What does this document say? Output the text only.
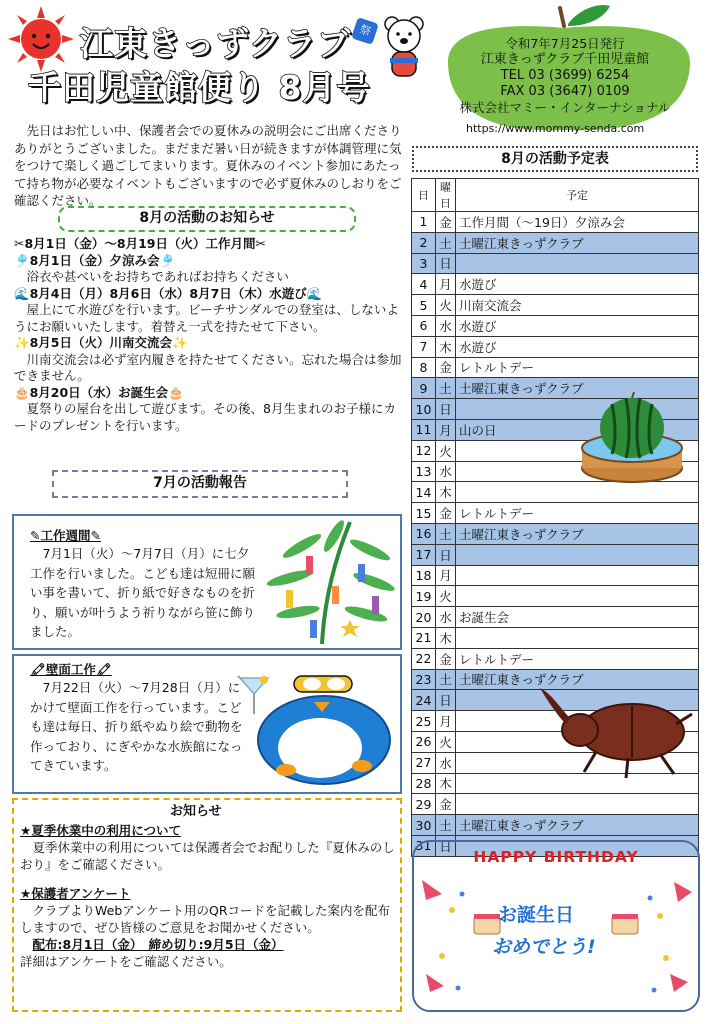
江東きっずクラブ
千田児童館便り 8月号
祭
令和7年7月25日発行
江東きっずクラブ千田児童館
TEL 03 (3699) 6254
FAX 03 (3647) 0109
株式会社マミー・インターナショナル
https://www.mommy-senda.com
先日はお忙しい中、保護者会での夏休みの説明会にご出席くださりありがとうございました。まだまだ暑い日が続きますが体調管理に気をつけて楽しく過ごしてまいります。夏休みのイベント参加にあたって持ち物が必要なイベントもございますので必ず夏休みのしおりをご確認ください。
8月の活動のお知らせ
✂8月1日（金）～8月19日（火）工作月間✂
🎐8月1日（金）夕涼み会🎐
浴衣や甚べいをお持ちであればお持ちください
🌊8月4日（月）8月6日（水）8月7日（木）水遊び🌊
屋上にて水遊びを行います。ビーチサンダルでの登室は、しないようにお願いいたします。着替え一式を持たせて下さい。
✨8月5日（火）川南交流会✨
川南交流会は必ず室内履きを持たせてください。忘れた場合は参加できません。
🎂8月20日（水）お誕生会🎂
夏祭りの屋台を出して遊びます。その後、8月生まれのお子様にカードのプレゼントを行います。
7月の活動報告
✎工作週間✎
7月1日（火）～7月7日（月）に七夕工作を行いました。こども達は短冊に願い事を書いて、折り紙で好きなものを折り、願いが叶うよう祈りながら笹に飾りました。
🖍壁面工作🖍
7月22日（火）～7月28日（月）にかけて壁面工作を行っています。こども達は毎日、折り紙やぬり絵で動物を作っており、にぎやかな水族館になってきています。
お知らせ
★夏季休業中の利用について
夏季休業中の利用については保護者会でお配りした『夏休みのしおり』をご確認ください。
★保護者アンケート
クラブよりWebアンケート用のQRコードを記載した案内を配布しますので、ぜひ皆様のご意見をお聞かせください。
配布:8月1日（金）　締め切り:9月5日（金）
詳細はアンケートをご確認ください。
8月の活動予定表
日	曜日	予定
1	金	工作月間（～19日）夕涼み会
2	土	土曜江東きっずクラブ
3	日	
4	月	水遊び
5	火	川南交流会
6	水	水遊び
7	木	水遊び
8	金	レトルトデー
9	土	土曜江東きっずクラブ
10	日	
11	月	山の日
12	火	
13	水	
14	木	
15	金	レトルトデー
16	土	土曜江東きっずクラブ
17	日	
18	月	
19	火	
20	水	お誕生会
21	木	
22	金	レトルトデー
23	土	土曜江東きっずクラブ
24	日	
25	月	
26	火	
27	水	
28	木	
29	金	
30	土	土曜江東きっずクラブ
31	日	
HAPPY BIRTHDAY
お誕生日
おめでとう!
